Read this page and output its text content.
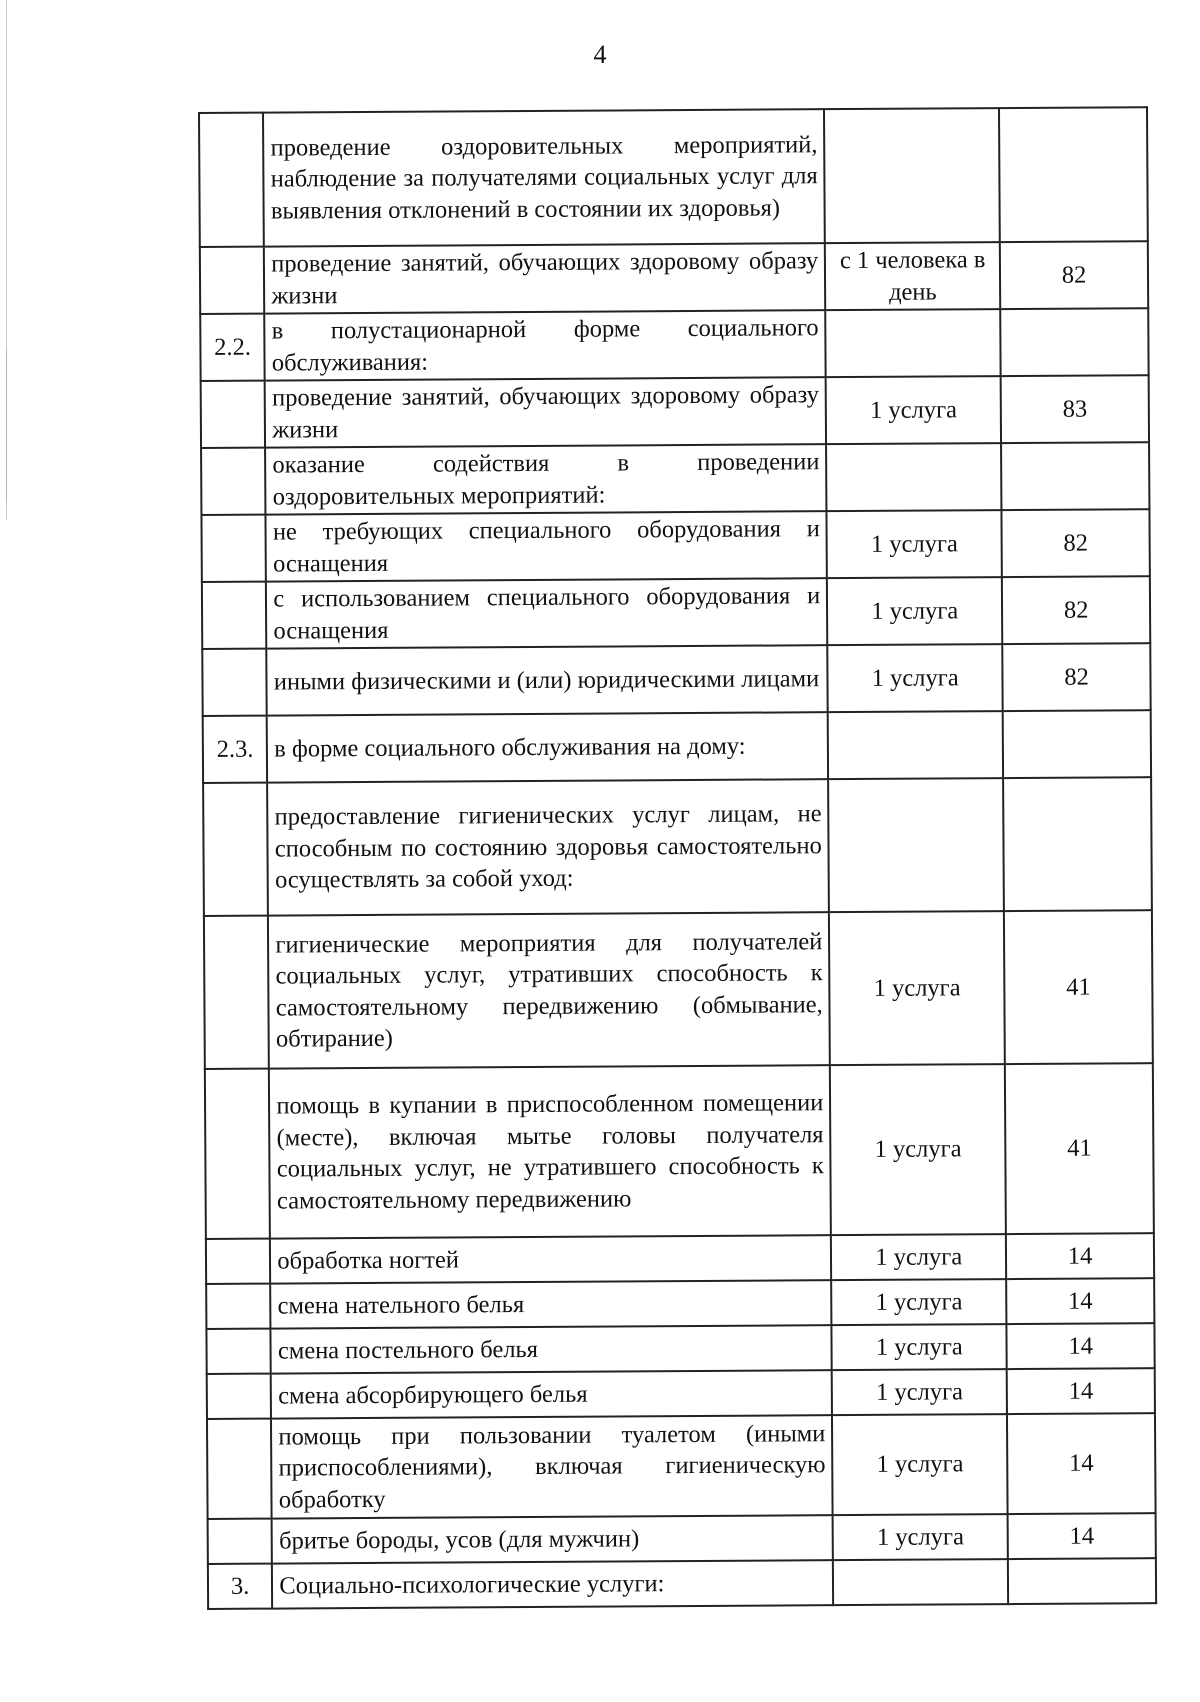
4
	проведение оздоровительных мероприятий, наблюдение за получателями социальных услуг для выявления отклонений в состоянии их здоровья)		
	проведение занятий, обучающих здоровому образу жизни	с 1 человека в день	82
2.2.	в полустационарной форме социального обслуживания:		
	проведение занятий, обучающих здоровому образу жизни	1 услуга	83
	оказание содействия в проведении оздоровительных мероприятий:		
	не требующих специального оборудования и оснащения	1 услуга	82
	с использованием специального оборудования и оснащения	1 услуга	82
	иными физическими и (или) юридическими лицами	1 услуга	82
2.3.	в форме социального обслуживания на дому:		
	предоставление гигиенических услуг лицам, не способным по состоянию здоровья самостоятельно осуществлять за собой уход:		
	гигиенические мероприятия для получателей социальных услуг, утративших способность к самостоятельному передвижению (обмывание, обтирание)	1 услуга	41
	помощь в купании в приспособленном помещении (месте), включая мытье головы получателя социальных услуг, не утратившего способность к самостоятельному передвижению	1 услуга	41
	обработка ногтей	1 услуга	14
	смена нательного белья	1 услуга	14
	смена постельного белья	1 услуга	14
	смена абсорбирующего белья	1 услуга	14
	помощь при пользовании туалетом (иными приспособлениями), включая гигиеническую обработку	1 услуга	14
	бритье бороды, усов (для мужчин)	1 услуга	14
3.	Социально-психологические услуги:		
